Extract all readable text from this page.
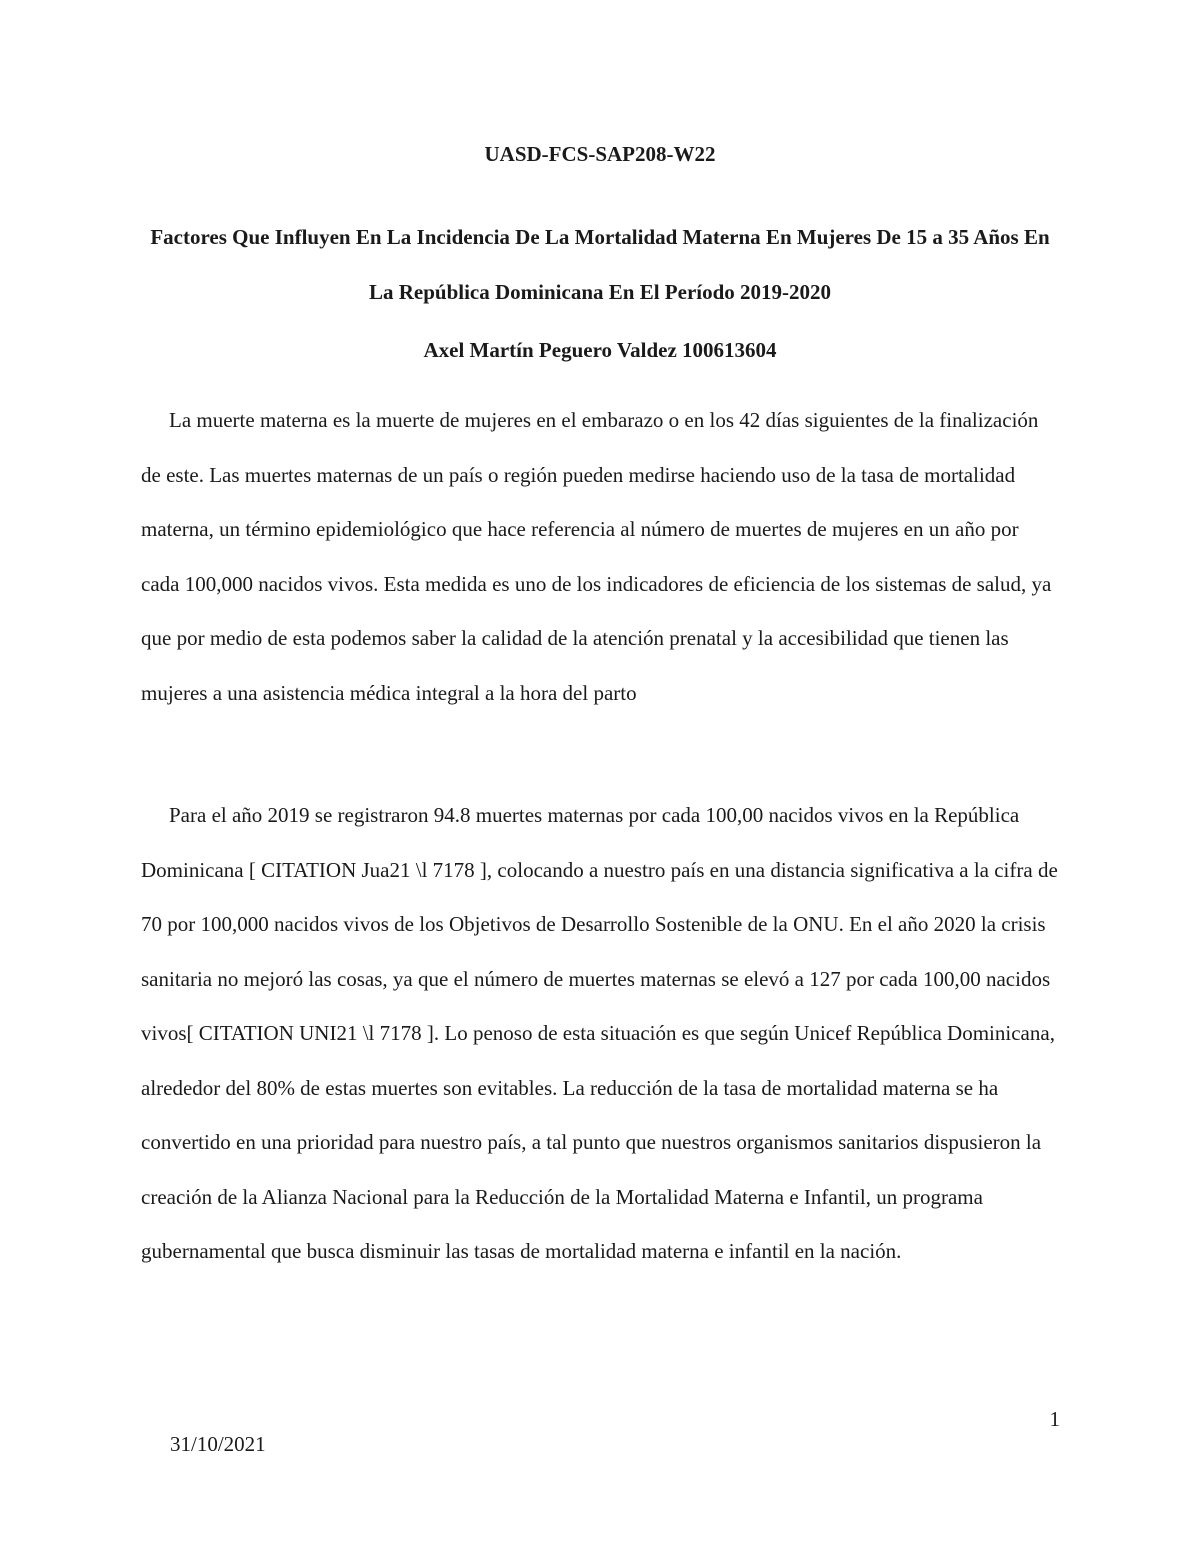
UASD-FCS-SAP208-W22
Factores Que Influyen En La Incidencia De La Mortalidad Materna En Mujeres De 15 a 35 Años En La República Dominicana En El Período 2019-2020
Axel Martín Peguero Valdez 100613604

La muerte materna es la muerte de mujeres en el embarazo o en los 42 días siguientes de la finalización de este. Las muertes maternas de un país o región pueden medirse haciendo uso de la tasa de mortalidad materna, un término epidemiológico que hace referencia al número de muertes de mujeres en un año por cada 100,000 nacidos vivos. Esta medida es uno de los indicadores de eficiencia de los sistemas de salud, ya que por medio de esta podemos saber la calidad de la atención prenatal y la accesibilidad que tienen las mujeres a una asistencia médica integral a la hora del parto

Para el año 2019 se registraron 94.8 muertes maternas por cada 100,00 nacidos vivos en la República Dominicana [ CITATION Jua21 \l 7178 ], colocando a nuestro país en una distancia significativa a la cifra de 70 por 100,000 nacidos vivos de los Objetivos de Desarrollo Sostenible de la ONU. En el año 2020 la crisis sanitaria no mejoró las cosas, ya que el número de muertes maternas se elevó a 127 por cada 100,00 nacidos vivos[ CITATION UNI21 \l 7178 ]. Lo penoso de esta situación es que según Unicef República Dominicana, alrededor del 80% de estas muertes son evitables. La reducción de la tasa de mortalidad materna se ha convertido en una prioridad para nuestro país, a tal punto que nuestros organismos sanitarios dispusieron la creación de la Alianza Nacional para la Reducción de la Mortalidad Materna e Infantil, un programa gubernamental que busca disminuir las tasas de mortalidad materna e infantil en la nación.

1
31/10/2021
